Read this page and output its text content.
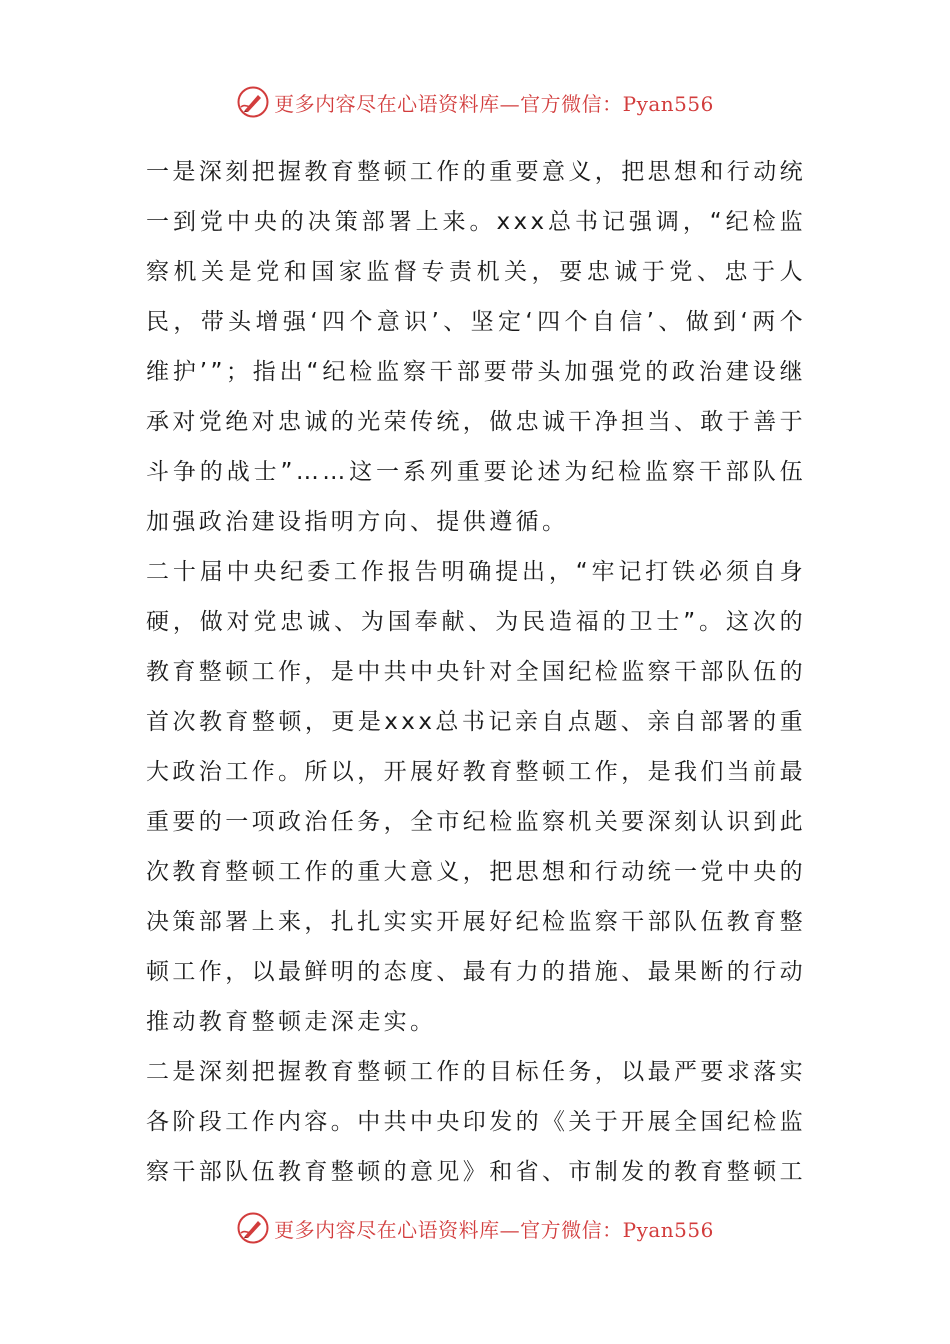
更多内容尽在心语资料库—官方微信：Pyan556

一是深刻把握教育整顿工作的重要意义，把思想和行动统一到党中央的决策部署上来。xxx总书记强调，“纪检监察机关是党和国家监督专责机关，要忠诚于党、忠于人民，带头增强‘四个意识’、坚定‘四个自信’、做到‘两个维护’”；指出“纪检监察干部要带头加强党的政治建设继承对党绝对忠诚的光荣传统，做忠诚干净担当、敢于善于斗争的战士”……这一系列重要论述为纪检监察干部队伍加强政治建设指明方向、提供遵循。

二十届中央纪委工作报告明确提出，“牢记打铁必须自身硬，做对党忠诚、为国奉献、为民造福的卫士”。这次的教育整顿工作，是中共中央针对全国纪检监察干部队伍的首次教育整顿，更是xxx总书记亲自点题、亲自部署的重大政治工作。所以，开展好教育整顿工作，是我们当前最重要的一项政治任务，全市纪检监察机关要深刻认识到此次教育整顿工作的重大意义，把思想和行动统一党中央的决策部署上来，扎扎实实开展好纪检监察干部队伍教育整顿工作，以最鲜明的态度、最有力的措施、最果断的行动推动教育整顿走深走实。

二是深刻把握教育整顿工作的目标任务，以最严要求落实各阶段工作内容。中共中央印发的《关于开展全国纪检监察干部队伍教育整顿的意见》和省、市制发的教育整顿工

更多内容尽在心语资料库—官方微信：Pyan556
